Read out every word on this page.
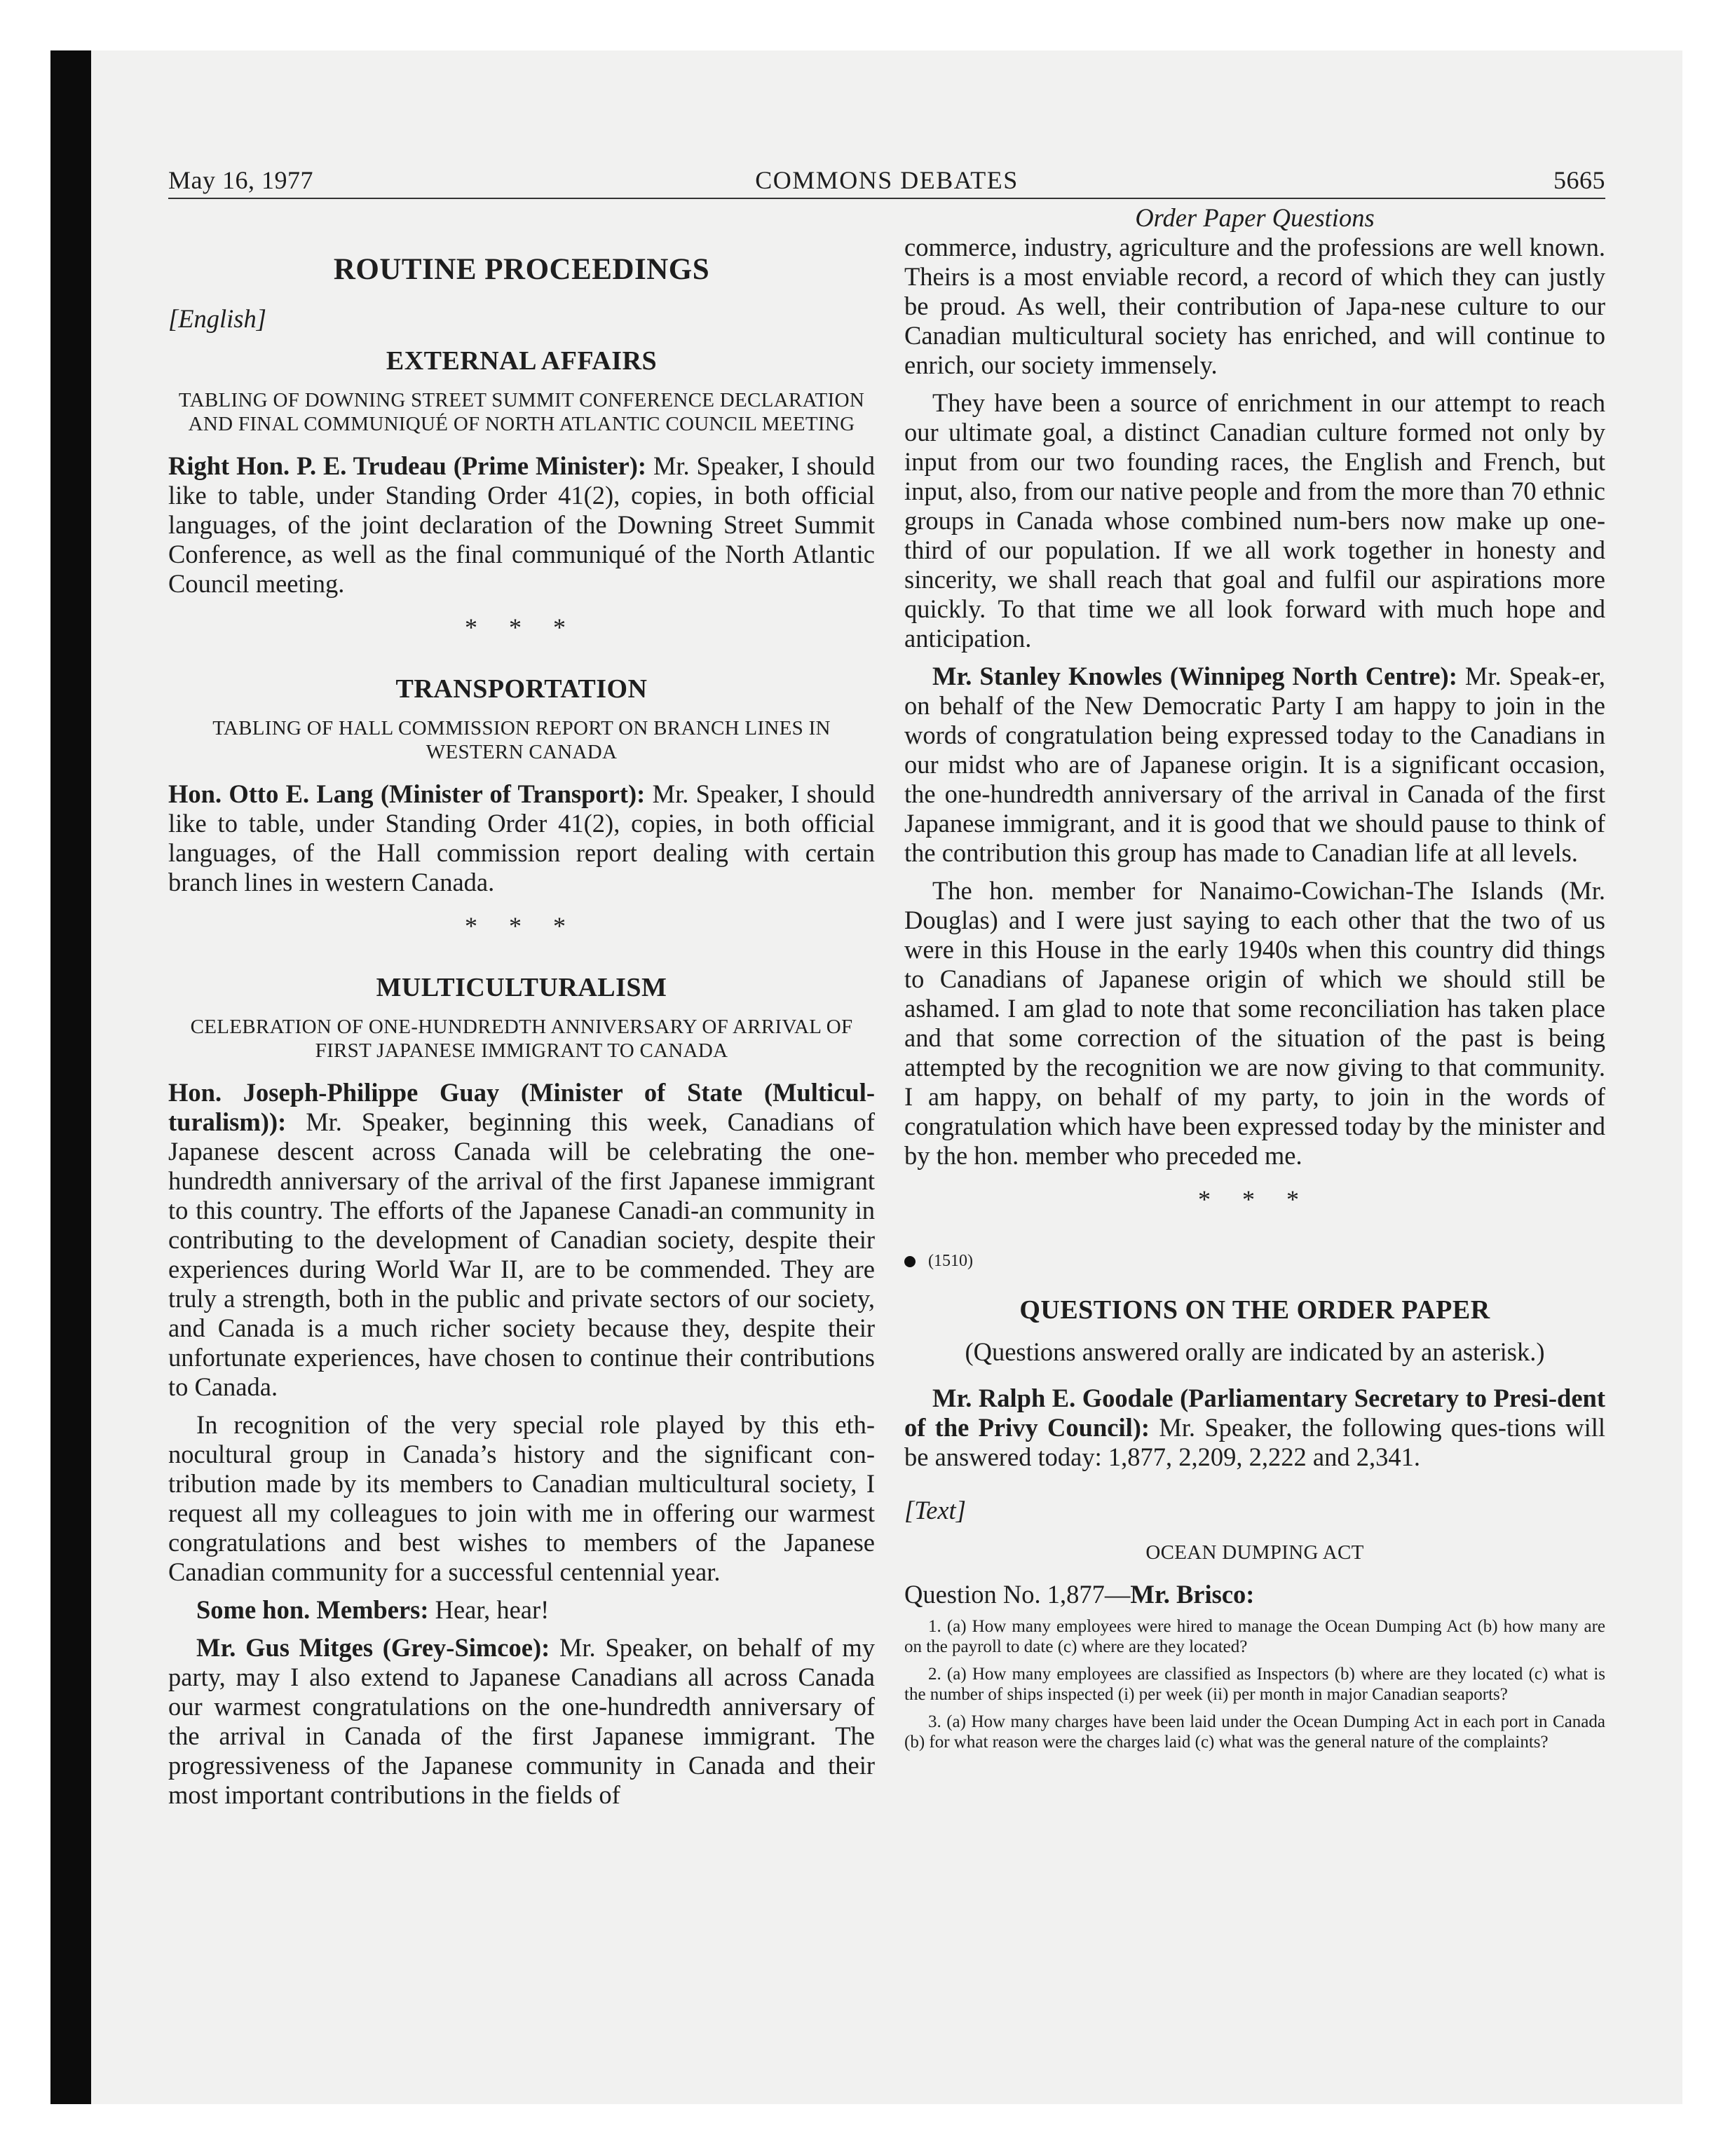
May 16, 1977	COMMONS DEBATES	5665
ROUTINE PROCEEDINGS
[English]
EXTERNAL AFFAIRS
TABLING OF DOWNING STREET SUMMIT CONFERENCE DECLARATION AND FINAL COMMUNIQUÉ OF NORTH ATLANTIC COUNCIL MEETING
Right Hon. P. E. Trudeau (Prime Minister): Mr. Speaker, I should like to table, under Standing Order 41(2), copies, in both official languages, of the joint declaration of the Downing Street Summit Conference, as well as the final communiqué of the North Atlantic Council meeting.
* * *
TRANSPORTATION
TABLING OF HALL COMMISSION REPORT ON BRANCH LINES IN WESTERN CANADA
Hon. Otto E. Lang (Minister of Transport): Mr. Speaker, I should like to table, under Standing Order 41(2), copies, in both official languages, of the Hall commission report dealing with certain branch lines in western Canada.
* * *
MULTICULTURALISM
CELEBRATION OF ONE-HUNDREDTH ANNIVERSARY OF ARRIVAL OF FIRST JAPANESE IMMIGRANT TO CANADA
Hon. Joseph-Philippe Guay (Minister of State (Multicul-turalism)): Mr. Speaker, beginning this week, Canadians of Japanese descent across Canada will be celebrating the one-hundredth anniversary of the arrival of the first Japanese immigrant to this country. The efforts of the Japanese Canadi-an community in contributing to the development of Canadian society, despite their experiences during World War II, are to be commended. They are truly a strength, both in the public and private sectors of our society, and Canada is a much richer society because they, despite their unfortunate experiences, have chosen to continue their contributions to Canada.
In recognition of the very special role played by this eth-nocultural group in Canada’s history and the significant con-tribution made by its members to Canadian multicultural society, I request all my colleagues to join with me in offering our warmest congratulations and best wishes to members of the Japanese Canadian community for a successful centennial year.
Some hon. Members: Hear, hear!
Mr. Gus Mitges (Grey-Simcoe): Mr. Speaker, on behalf of my party, may I also extend to Japanese Canadians all across Canada our warmest congratulations on the one-hundredth anniversary of the arrival in Canada of the first Japanese immigrant. The progressiveness of the Japanese community in Canada and their most important contributions in the fields of
Order Paper Questions
commerce, industry, agriculture and the professions are well known. Theirs is a most enviable record, a record of which they can justly be proud. As well, their contribution of Japa-nese culture to our Canadian multicultural society has enriched, and will continue to enrich, our society immensely.
They have been a source of enrichment in our attempt to reach our ultimate goal, a distinct Canadian culture formed not only by input from our two founding races, the English and French, but input, also, from our native people and from the more than 70 ethnic groups in Canada whose combined num-bers now make up one-third of our population. If we all work together in honesty and sincerity, we shall reach that goal and fulfil our aspirations more quickly. To that time we all look forward with much hope and anticipation.
Mr. Stanley Knowles (Winnipeg North Centre): Mr. Speak-er, on behalf of the New Democratic Party I am happy to join in the words of congratulation being expressed today to the Canadians in our midst who are of Japanese origin. It is a significant occasion, the one-hundredth anniversary of the arrival in Canada of the first Japanese immigrant, and it is good that we should pause to think of the contribution this group has made to Canadian life at all levels.
The hon. member for Nanaimo-Cowichan-The Islands (Mr. Douglas) and I were just saying to each other that the two of us were in this House in the early 1940s when this country did things to Canadians of Japanese origin of which we should still be ashamed. I am glad to note that some reconciliation has taken place and that some correction of the situation of the past is being attempted by the recognition we are now giving to that community. I am happy, on behalf of my party, to join in the words of congratulation which have been expressed today by the minister and by the hon. member who preceded me.
* * *
(1510)
QUESTIONS ON THE ORDER PAPER
(Questions answered orally are indicated by an asterisk.)
Mr. Ralph E. Goodale (Parliamentary Secretary to Presi-dent of the Privy Council): Mr. Speaker, the following ques-tions will be answered today: 1,877, 2,209, 2,222 and 2,341.
[Text]
OCEAN DUMPING ACT
Question No. 1,877—Mr. Brisco:
1. (a) How many employees were hired to manage the Ocean Dumping Act (b) how many are on the payroll to date (c) where are they located?
2. (a) How many employees are classified as Inspectors (b) where are they located (c) what is the number of ships inspected (i) per week (ii) per month in major Canadian seaports?
3. (a) How many charges have been laid under the Ocean Dumping Act in each port in Canada (b) for what reason were the charges laid (c) what was the general nature of the complaints?
